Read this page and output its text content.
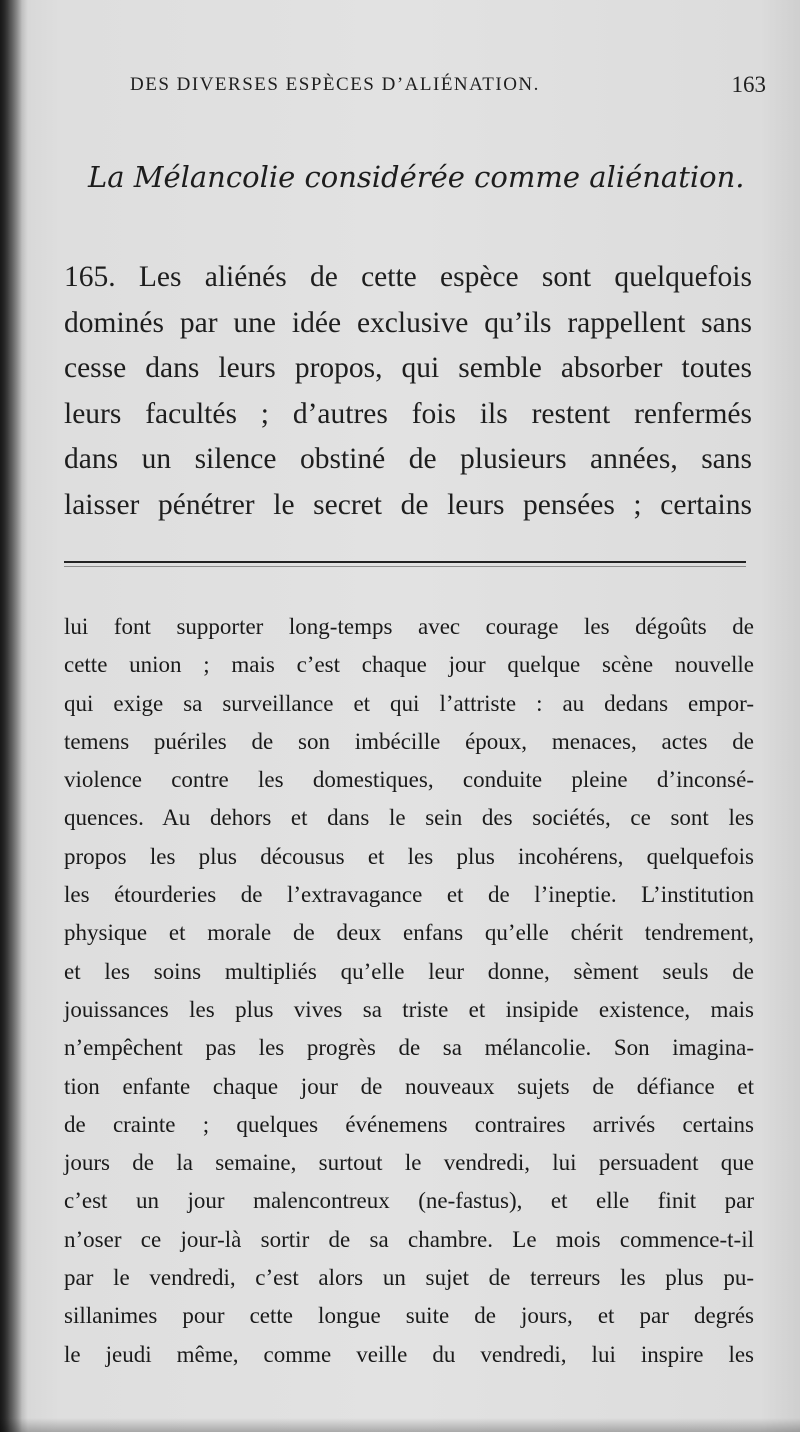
DES DIVERSES ESPÈCES D’ALIÉNATION.	163
La Mélancolie considérée comme aliénation.
165. Les aliénés de cette espèce sont quelquefois
dominés par une idée exclusive qu’ils rappellent sans
cesse dans leurs propos, qui semble absorber toutes
leurs facultés ; d’autres fois ils restent renfermés
dans un silence obstiné de plusieurs années, sans
laisser pénétrer le secret de leurs pensées ; certains
lui font supporter long-temps avec courage les dégoûts de
cette union ; mais c’est chaque jour quelque scène nouvelle
qui exige sa surveillance et qui l’attriste : au dedans empor-
temens puériles de son imbécille époux, menaces, actes de
violence contre les domestiques, conduite pleine d’inconsé-
quences. Au dehors et dans le sein des sociétés, ce sont les
propos les plus décousus et les plus incohérens, quelquefois
les étourderies de l’extravagance et de l’ineptie. L’institution
physique et morale de deux enfans qu’elle chérit tendrement,
et les soins multipliés qu’elle leur donne, sèment seuls de
jouissances les plus vives sa triste et insipide existence, mais
n’empêchent pas les progrès de sa mélancolie. Son imagina-
tion enfante chaque jour de nouveaux sujets de défiance et
de crainte ; quelques événemens contraires arrivés certains
jours de la semaine, surtout le vendredi, lui persuadent que
c’est un jour malencontreux (ne-fastus), et elle finit par
n’oser ce jour-là sortir de sa chambre. Le mois commence-t-il
par le vendredi, c’est alors un sujet de terreurs les plus pu-
sillanimes pour cette longue suite de jours, et par degrés
le jeudi même, comme veille du vendredi, lui inspire les
